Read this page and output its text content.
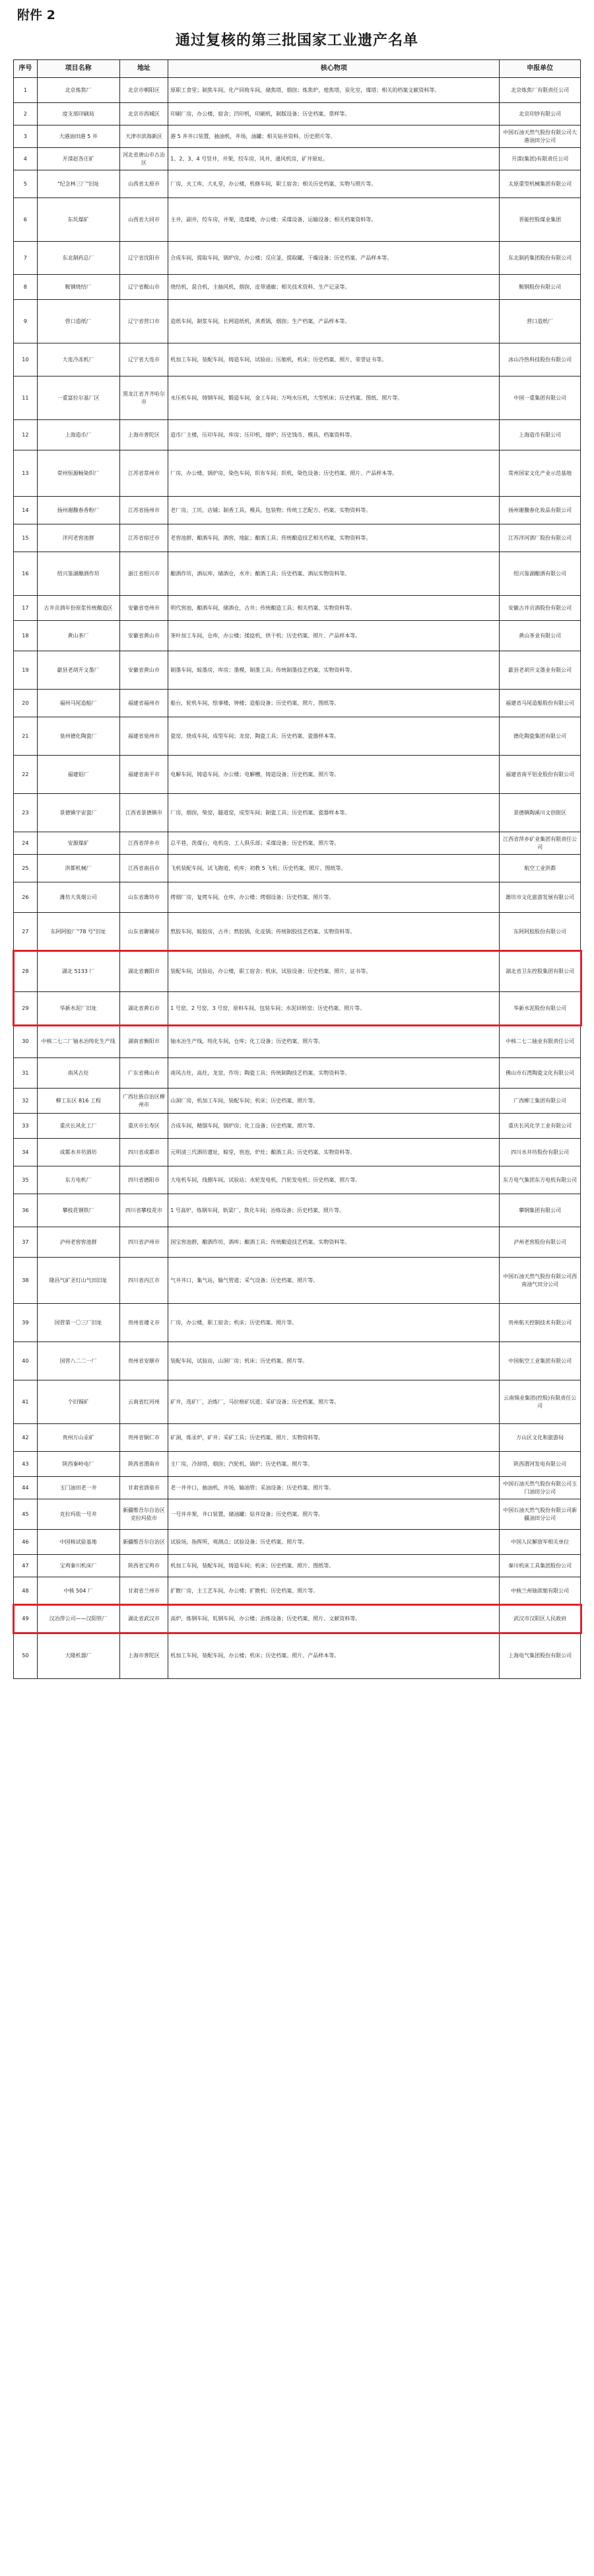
附件 2
通过复核的第三批国家工业遗产名单
序号	项目名称	地址	核心物项	申报单位
1	北京炼焦厂	北京市朝阳区	原职工食堂；制焦车间，化产回收车间，储焦塔，烟囱；炼焦炉，熄焦塔，炭化室，煤塔；相关的档案文献资料等。	北京炼焦厂有限责任公司
2	度支部印刷局	北京市西城区	印刷厂房，办公楼，宿舍；凹印机，印刷机，制版设备；历史档案、票样等。	北京印钞有限公司
3	大港油田港 5 井	天津市滨海新区	港 5 井井口装置，抽油机，井场，油罐；相关钻井资料、历史照片等。	中国石油天然气股份有限公司大港油田分公司
4	开滦赵各庄矿	河北省唐山市古冶区	1、2、3、4 号竖井，井架，绞车房，风井，通风机房，矿井原址。	开滦(集团)有限责任公司
5	"纪念林三厂"旧址	山西省太原市	厂房，火工库，大礼堂，办公楼，机修车间，职工宿舍；相关历史档案、实物与照片等。	太原重型机械集团有限公司
6	东坑煤矿	山西省大同市	主井，副井，绞车房，井架，选煤楼，办公楼；采煤设备，运输设备；相关档案资料等。	晋能控股煤业集团
7	东北制药总厂	辽宁省沈阳市	合成车间，提取车间，锅炉房，办公楼；反应釜，提取罐，干燥设备；历史档案、产品样本等。	东北制药集团股份有限公司
8	鞍钢烧结厂	辽宁省鞍山市	烧结机，混合机，主抽风机，烟囱，皮带通廊；相关技术资料、生产记录等。	鞍钢股份有限公司
9	营口造纸厂	辽宁省营口市	造纸车间，制浆车间，长网造纸机，蒸煮锅，烟囱；生产档案，产品样本等。	营口造纸厂
10	大连冷冻机厂	辽宁省大连市	机加工车间，装配车间，铸造车间，试验站；压缩机，机床；历史档案、照片、荣誉证书等。	冰山冷热科技股份有限公司
11	一重富拉尔基厂区	黑龙江省齐齐哈尔市	水压机车间，铸钢车间，锻造车间，金工车间；万吨水压机，大型机床；历史档案、图纸、照片等。	中国一重集团有限公司
12	上海造币厂	上海市普陀区	造币厂主楼，压印车间，库房；压印机，熔炉；历史钱币、模具、档案资料等。	上海造币有限公司
13	常州恒源畅染织厂	江苏省常州市	厂房，办公楼，锅炉房，染色车间，织布车间；织机，染色设备；历史档案、照片、产品样本等。	常州国家文化产业示范基地
14	扬州谢馥春香粉厂	江苏省扬州市	老厂房，工坊，店铺；制香工具，模具，包装物；传统工艺配方、档案、实物资料等。	扬州谢馥春化妆品有限公司
15	洋河老窖池群	江苏省宿迁市	老窖池群，酿酒车间，酒窖，地缸；酿酒工具；传统酿造技艺相关档案、实物资料等。	江苏洋河酒厂股份有限公司
16	绍兴鉴湖酿酒作坊	浙江省绍兴市	酿酒作坊，酒坛库，储酒仓，水井；酿酒工具；历史档案、酒坛实物资料等。	绍兴鉴湖酿酒有限公司
17	古井贡酒年份原浆传统酿造区	安徽省亳州市	明代窖池，酿酒车间，储酒仓，古井；传统酿造工具；相关档案、实物资料等。	安徽古井贡酒股份有限公司
18	黄山茶厂	安徽省黄山市	茶叶加工车间，仓库，办公楼；揉捻机，烘干机；历史档案、照片、产品样本等。	黄山茶业有限公司
19	歙县老胡开文墨厂	安徽省黄山市	制墨车间，晾墨房，库房；墨模，制墨工具；传统制墨技艺档案、实物资料等。	歙县老胡开文墨业有限公司
20	福州马尾造船厂	福建省福州市	船台，轮机车间，绘事楼，钟楼；造船设备；历史档案、照片、图纸等。	福建省马尾造船股份有限公司
21	泉州德化陶瓷厂	福建省泉州市	瓷窑，烧成车间，成型车间；龙窑，陶瓷工具；历史档案、瓷器样本等。	德化陶瓷集团有限公司
22	福建铝厂	福建省南平市	电解车间，铸造车间，办公楼；电解槽，铸造设备；历史档案、照片等。	福建省南平铝业股份有限公司
23	景德镇宇宙瓷厂	江西省景德镇市	厂房，烟囱，柴窑，隧道窑，成型车间；制瓷工具；历史档案、瓷器样本等。	景德镇陶溪川文创街区
24	安源煤矿	江西省萍乡市	总平巷，洗煤台，电机房，工人俱乐部；采煤设备；历史档案、照片等。	江西省萍乡矿业集团有限责任公司
25	洪都机械厂	江西省南昌市	飞机装配车间，试飞跑道，机库；初教 5 飞机；历史档案、照片、图纸等。	航空工业洪都
26	潍坊大英烟公司	山东省潍坊市	烤烟厂房，复烤车间，仓库，办公楼；烤烟设备；历史档案、照片等。	潍坊市文化旅游发展有限公司
27	东阿阿胶厂"78 号"旧址	山东省聊城市	熬胶车间，晾胶房，古井；熬胶锅，化皮锅；传统制胶技艺档案、实物资料等。	东阿阿胶股份有限公司
28	湖北 5133 厂	湖北省襄阳市	装配车间，试验站，办公楼，职工宿舍；机床，试验设备；历史档案、照片、证书等。	湖北省卫东控股集团有限公司
29	华新水泥厂旧址	湖北省黄石市	1 号窑，2 号窑，3 号窑，原料车间，包装车间；水泥回转窑；历史档案、照片等。	华新水泥股份有限公司
30	中核二七二厂铀水冶纯化生产线	湖南省衡阳市	铀水冶生产线，纯化车间，仓库；化工设备；历史档案、照片等。	中核二七二铀业有限责任公司
31	南风古灶	广东省佛山市	南风古灶，高灶，龙窑，作坊；陶瓷工具；传统制陶技艺档案、实物资料等。	佛山市石湾陶瓷文化有限公司
32	柳工东区 816 工程	广西壮族自治区柳州市	山洞厂房，机加工车间，装配车间；机床；历史档案、照片等。	广西柳工集团有限公司
33	重庆长风化工厂	重庆市长寿区	合成车间，精馏车间，锅炉房；化工设备；历史档案、照片等。	重庆长风化学工业有限公司
34	成都水井坊酒坊	四川省成都市	元明清三代酒坊遗址，晾堂，窖池，炉灶；酿酒工具；历史档案、实物资料等。	四川水井坊股份有限公司
35	东方电机厂	四川省德阳市	大电机车间，线圈车间，试验站；水轮发电机，汽轮发电机；历史档案、照片等。	东方电气集团东方电机有限公司
36	攀枝花钢铁厂	四川省攀枝花市	1 号高炉，炼钢车间，轨梁厂，焦化车间；冶炼设备；历史档案、照片等。	攀钢集团有限公司
37	泸州老窖窖池群	四川省泸州市	国宝窖池群，酿酒作坊，酒库；酿酒工具；传统酿造技艺档案、实物资料等。	泸州老窖股份有限公司
38	隆昌气矿圣灯山气田旧址	四川省内江市	气井井口，集气站，输气管道；采气设备；历史档案、照片等。	中国石油天然气股份有限公司西南油气田分公司
39	国营第一〇三厂旧址	贵州省遵义市	厂房，办公楼，职工宿舍；机床；历史档案、照片等。	贵州航天控制技术有限公司
40	国营八二二一厂	贵州省安顺市	装配车间，试验站，山洞厂房；机床；历史档案、照片等。	中国航空工业集团有限公司
41	个旧锡矿	云南省红河州	矿井，选矿厂，冶炼厂，马拉格矿坑道；采矿设备；历史档案、照片等。	云南锡业集团(控股)有限责任公司
42	贵州万山汞矿	贵州省铜仁市	矿洞，炼汞炉，矿井；采矿工具；历史档案、照片、实物资料等。	万山区文化和旅游局
43	陕西秦岭电厂	陕西省渭南市	主厂房，冷却塔，烟囱；汽轮机，锅炉；历史档案、照片等。	陕西渭河发电有限公司
44	玉门油田老一井	甘肃省酒泉市	老一井井口，抽油机，井场，输油管；采油设备；历史档案、照片等。	中国石油天然气股份有限公司玉门油田分公司
45	克拉玛依一号井	新疆维吾尔自治区克拉玛依市	一号井井架，井口装置，储油罐；钻井设备；历史档案、照片等。	中国石油天然气股份有限公司新疆油田分公司
46	中国核试验基地	新疆维吾尔自治区	试验场，指挥所，观测点；试验设备；历史档案、照片等。	中国人民解放军相关单位
47	宝鸡秦川机床厂	陕西省宝鸡市	机加工车间，装配车间，铸造车间；机床；历史档案、照片、图纸等。	秦川机床工具集团股份公司
48	中核 504 厂	甘肃省兰州市	扩散厂房，主工艺车间，办公楼；扩散机；历史档案、照片等。	中核兰州铀浓缩有限公司
49	汉冶萍公司——汉阳铁厂	湖北省武汉市	高炉，炼钢车间，轧钢车间，办公楼；冶炼设备；历史档案、照片、文献资料等。	武汉市汉阳区人民政府
50	大隆机器厂	上海市普陀区	机加工车间，装配车间，办公楼；机床；历史档案、照片、产品样本等。	上海电气集团股份有限公司
